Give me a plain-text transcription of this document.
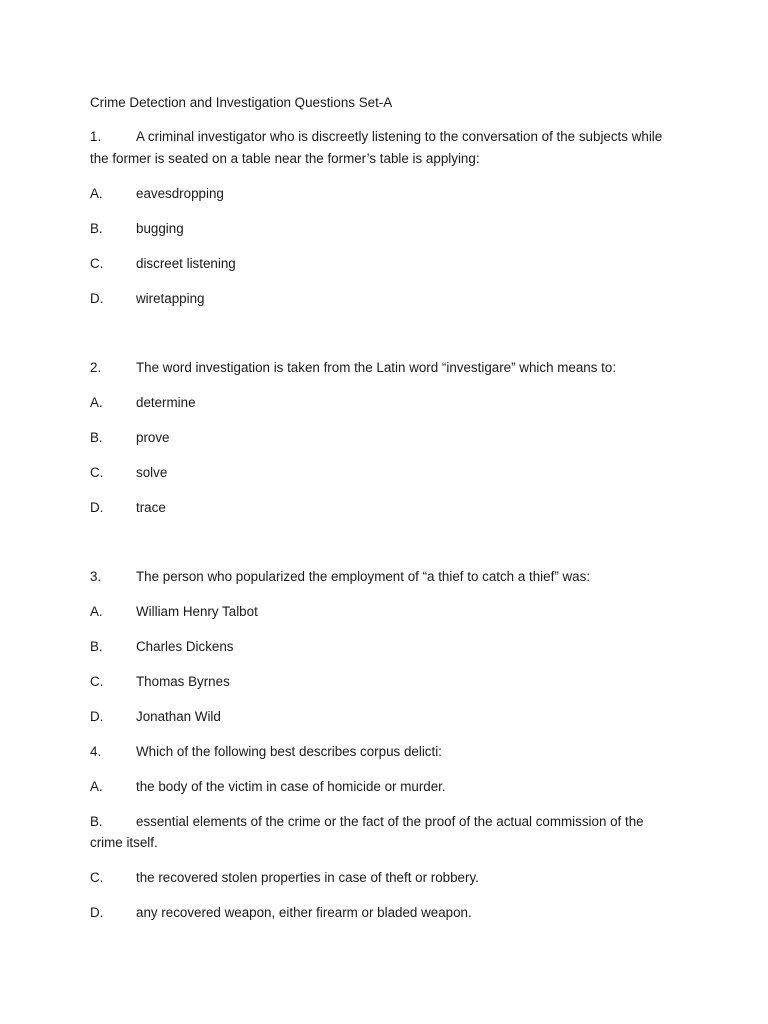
Crime Detection and Investigation Questions Set-A

1.	A criminal investigator who is discreetly listening to the conversation of the subjects while the former is seated on a table near the former’s table is applying:
A.	eavesdropping
B.	bugging
C.	discreet listening
D.	wiretapping
2.	The word investigation is taken from the Latin word “investigare” which means to:
A.	determine
B.	prove
C.	solve
D.	trace
3.	The person who popularized the employment of “a thief to catch a thief” was:
A.	William Henry Talbot
B.	Charles Dickens
C.	Thomas Byrnes
D.	Jonathan Wild
4.	Which of the following best describes corpus delicti:
A.	the body of the victim in case of homicide or murder.
B. essential elements of the crime or the fact of the proof of the actual commission of the crime itself.
C.	the recovered stolen properties in case of theft or robbery.
D.	any recovered weapon, either firearm or bladed weapon.
